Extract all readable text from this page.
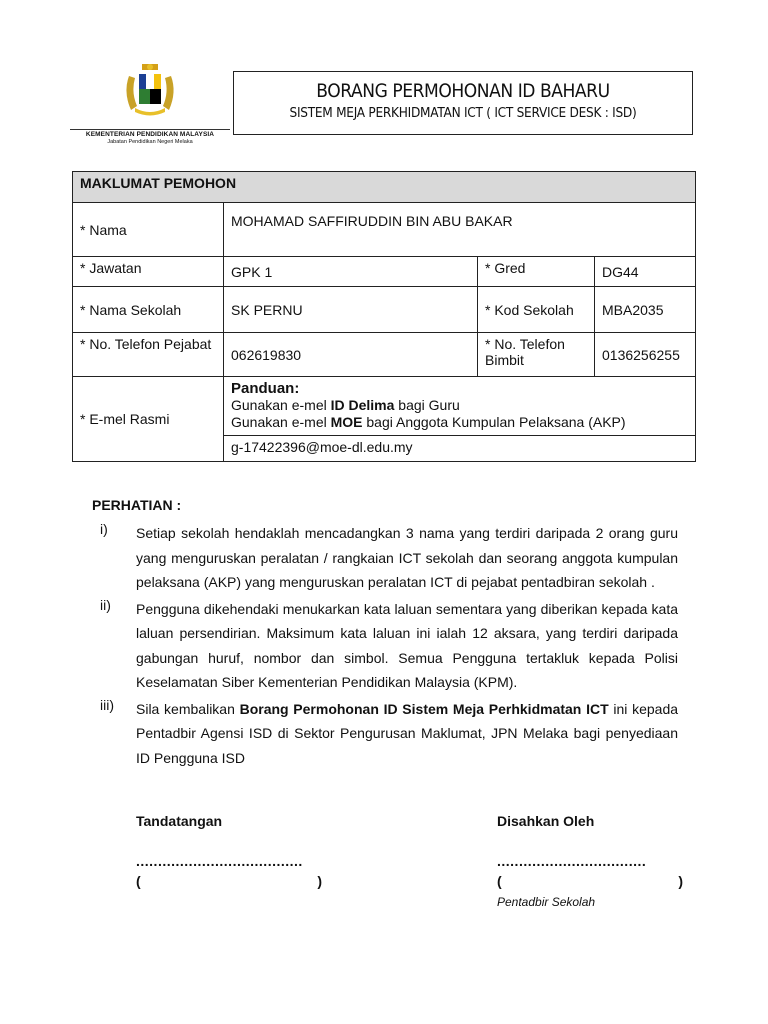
KEMENTERIAN PENDIDIKAN MALAYSIA
Jabatan Pendidikan Negeri Melaka
BORANG PERMOHONAN ID BAHARU
SISTEM MEJA PERKHIDMATAN ICT ( ICT SERVICE DESK : ISD)
MAKLUMAT PEMOHON			
* Nama	MOHAMAD SAFFIRUDDIN BIN ABU BAKAR		
* Jawatan	GPK 1	* Gred	DG44
* Nama Sekolah	SK PERNU	* Kod Sekolah	MBA2035
* No. Telefon Pejabat	062619830	* No. Telefon Bimbit	0136256255
* E-mel Rasmi	Panduan:
Gunakan e-mel ID Delima bagi Guru
Gunakan e-mel MOE bagi Anggota Kumpulan Pelaksana (AKP)		

	g-17422396@moe-dl.edu.my		
PERHATIAN :
i)	Setiap sekolah hendaklah mencadangkan 3 nama yang terdiri daripada 2 orang guru yang menguruskan peralatan / rangkaian ICT sekolah dan seorang anggota kumpulan pelaksana (AKP) yang menguruskan peralatan ICT di pejabat pentadbiran sekolah .
ii)	Pengguna dikehendaki menukarkan kata laluan sementara yang diberikan kepada kata laluan persendirian. Maksimum kata laluan ini ialah 12 aksara, yang terdiri daripada gabungan huruf, nombor dan simbol. Semua Pengguna tertakluk kepada Polisi Keselamatan Siber Kementerian Pendidikan Malaysia (KPM).
iii)	Sila kembalikan Borang Permohonan ID Sistem Meja Perhkidmatan ICT ini kepada Pentadbir Agensi ISD di Sektor Pengurusan Maklumat, JPN Melaka bagi penyediaan ID Pengguna ISD
Tandatangan
......................................
(	)
Disahkan Oleh
..................................
(	)
Pentadbir Sekolah
